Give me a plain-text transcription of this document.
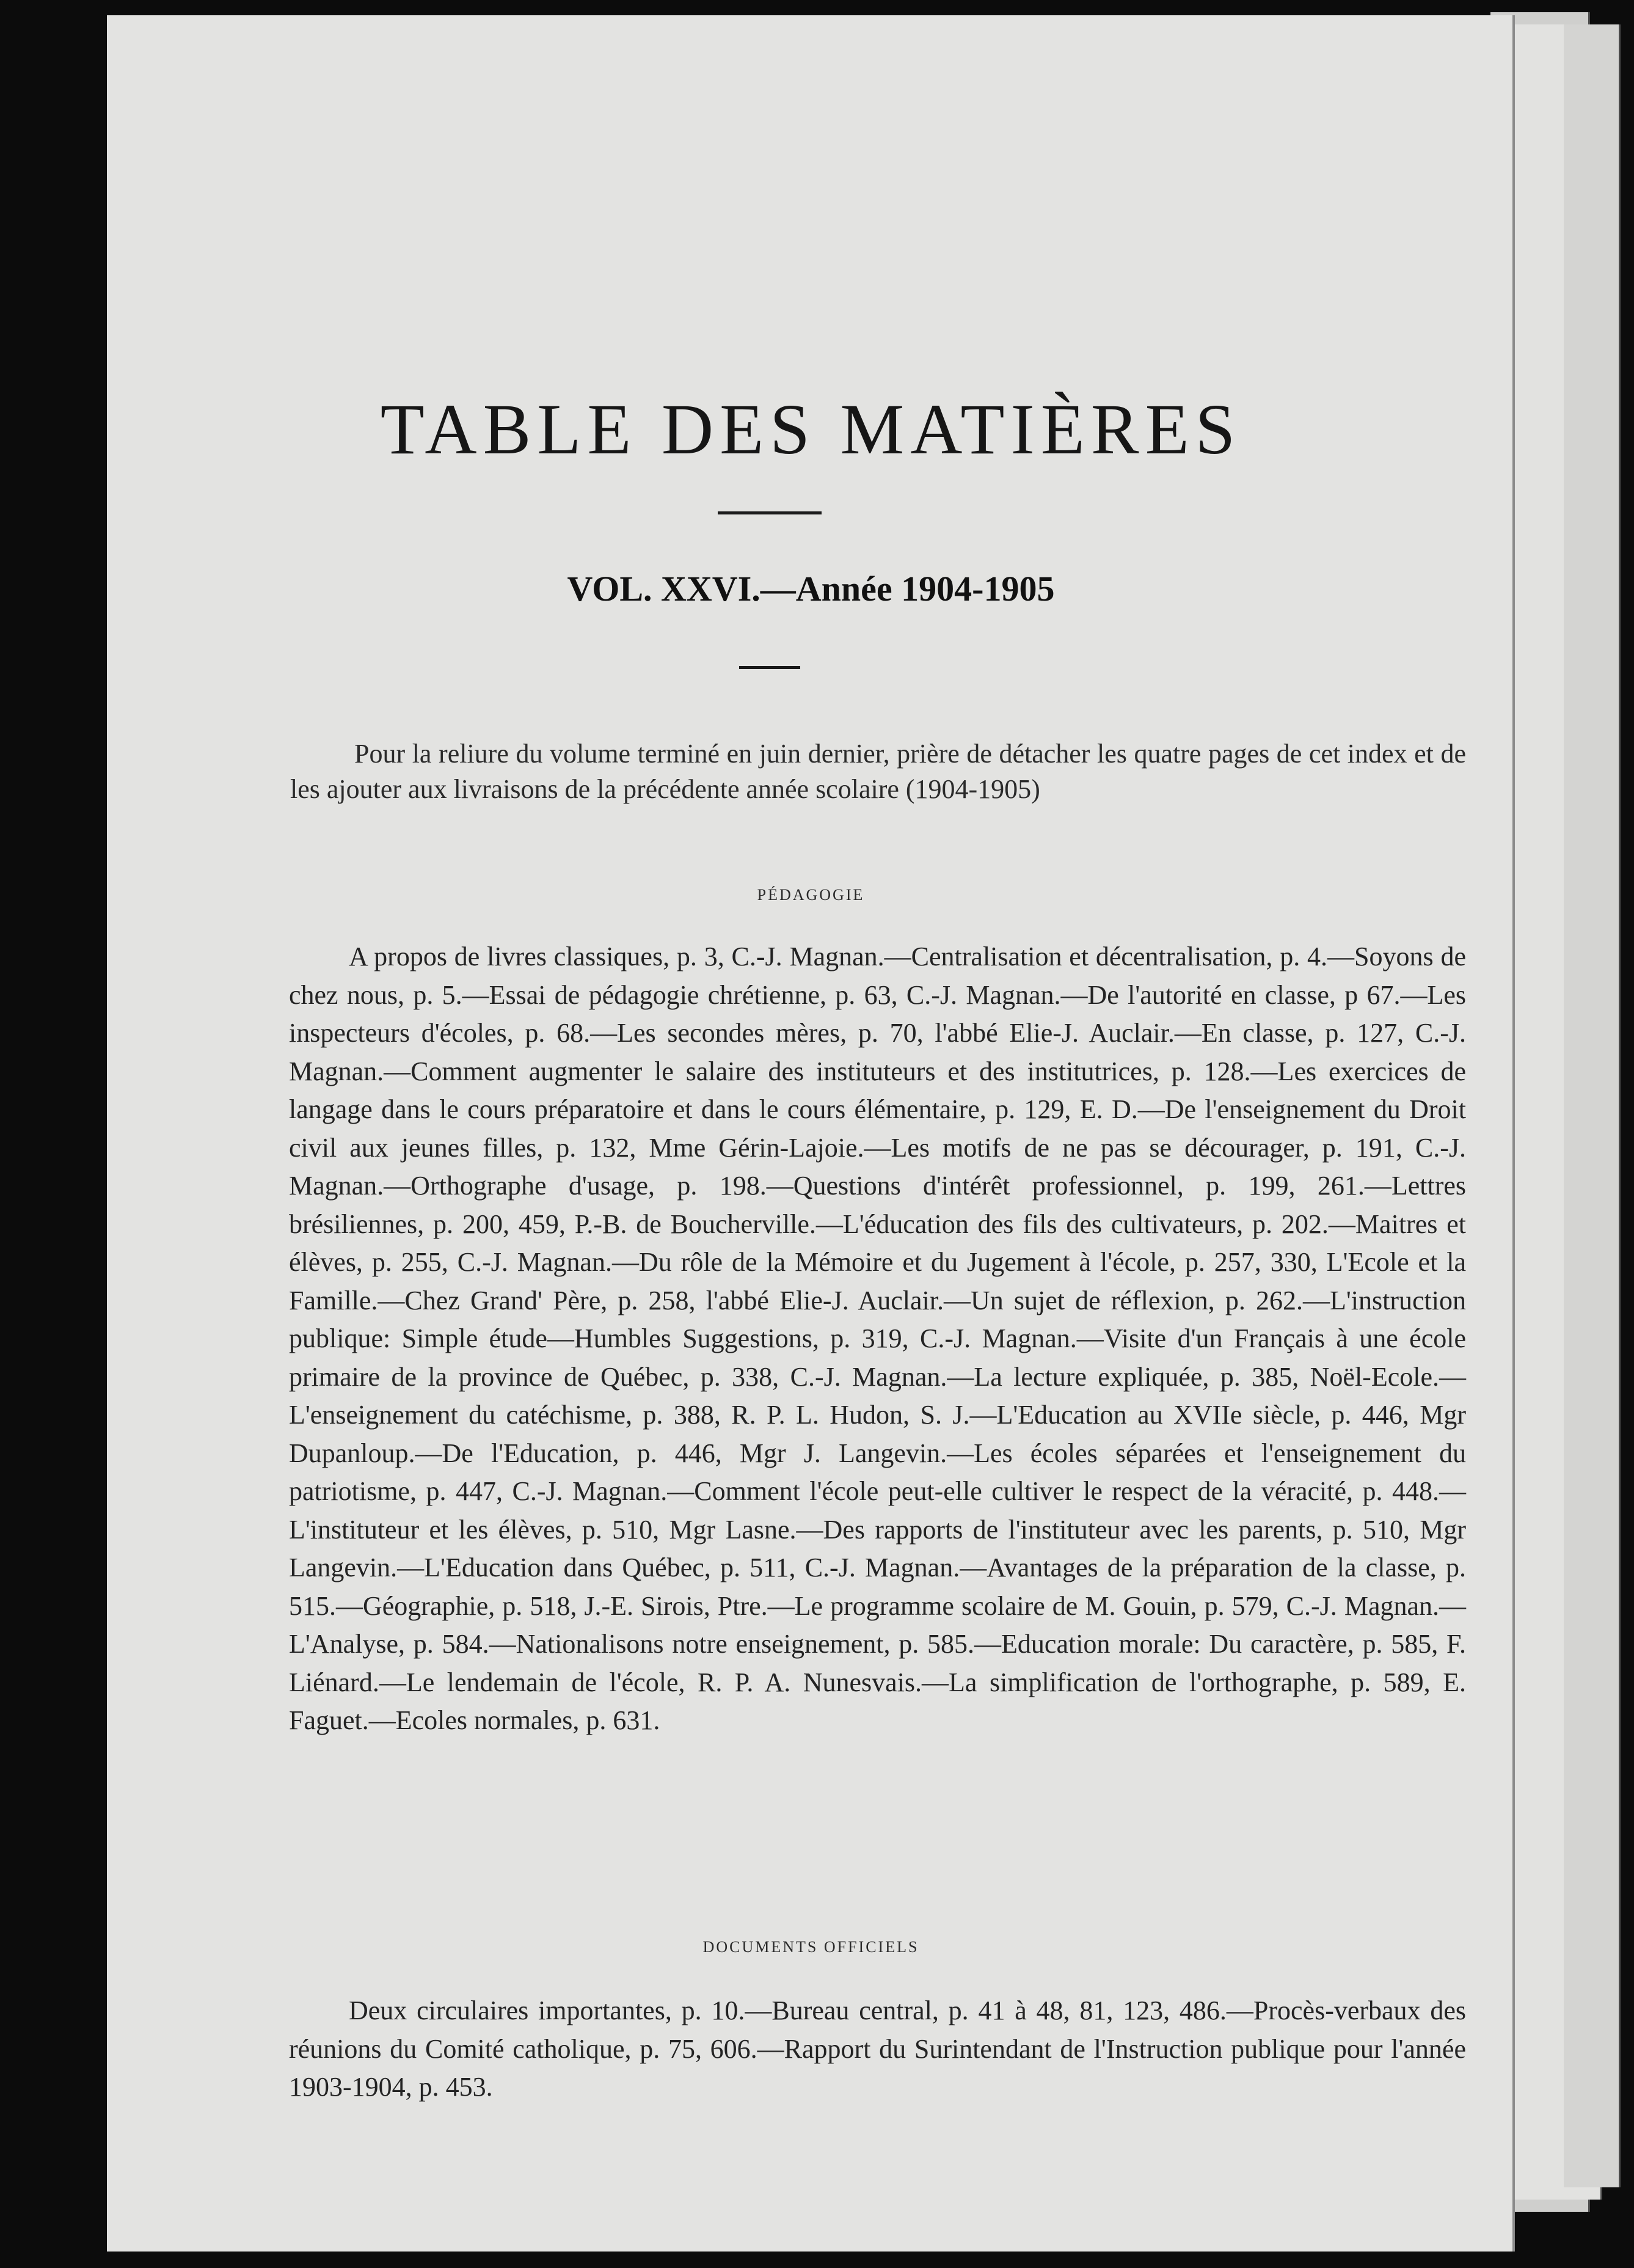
TABLE DES MATIÈRES
VOL. XXVI.—Année 1904-1905
Pour la reliure du volume terminé en juin dernier, prière de détacher les quatre pages de cet index et de les ajouter aux livraisons de la précédente année scolaire (1904-1905)
PÉDAGOGIE
A propos de livres classiques, p. 3, C.-J. Magnan.—Centralisation et décentralisation, p. 4.—Soyons de chez nous, p. 5.—Essai de pédagogie chrétienne, p. 63, C.-J. Magnan.—De l'autorité en classe, p 67.—Les inspecteurs d'écoles, p. 68.—Les secondes mères, p. 70, l'abbé Elie-J. Auclair.—En classe, p. 127, C.-J. Magnan.—Comment augmenter le salaire des instituteurs et des institutrices, p. 128.—Les exercices de langage dans le cours préparatoire et dans le cours élémentaire, p. 129, E. D.—De l'enseignement du Droit civil aux jeunes filles, p. 132, Mme Gérin-Lajoie.—Les motifs de ne pas se décourager, p. 191, C.-J. Magnan.—Orthographe d'usage, p. 198.—Questions d'intérêt professionnel, p. 199, 261.—Lettres brésiliennes, p. 200, 459, P.-B. de Boucherville.—L'éducation des fils des cultivateurs, p. 202.—Maitres et élèves, p. 255, C.-J. Magnan.—Du rôle de la Mémoire et du Jugement à l'école, p. 257, 330, L'Ecole et la Famille.—Chez Grand' Père, p. 258, l'abbé Elie-J. Auclair.—Un sujet de réflexion, p. 262.—L'instruction publique: Simple étude—Humbles Suggestions, p. 319, C.-J. Magnan.—Visite d'un Français à une école primaire de la province de Québec, p. 338, C.-J. Magnan.—La lecture expliquée, p. 385, Noël-Ecole.—L'enseignement du catéchisme, p. 388, R. P. L. Hudon, S. J.—L'Education au XVIIe siècle, p. 446, Mgr Dupanloup.—De l'Education, p. 446, Mgr J. Langevin.—Les écoles séparées et l'enseignement du patriotisme, p. 447, C.-J. Magnan.—Comment l'école peut-elle cultiver le respect de la véracité, p. 448.—L'instituteur et les élèves, p. 510, Mgr Lasne.—Des rapports de l'instituteur avec les parents, p. 510, Mgr Langevin.—L'Education dans Québec, p. 511, C.-J. Magnan.—Avantages de la préparation de la classe, p. 515.—Géographie, p. 518, J.-E. Sirois, Ptre.—Le programme scolaire de M. Gouin, p. 579, C.-J. Magnan.—L'Analyse, p. 584.—Nationalisons notre enseignement, p. 585.—Education morale: Du caractère, p. 585, F. Liénard.—Le lendemain de l'école, R. P. A. Nunesvais.—La simplification de l'orthographe, p. 589, E. Faguet.—Ecoles normales, p. 631.
DOCUMENTS OFFICIELS
Deux circulaires importantes, p. 10.—Bureau central, p. 41 à 48, 81, 123, 486.—Procès-verbaux des réunions du Comité catholique, p. 75, 606.—Rapport du Surintendant de l'Instruction publique pour l'année 1903-1904, p. 453.
